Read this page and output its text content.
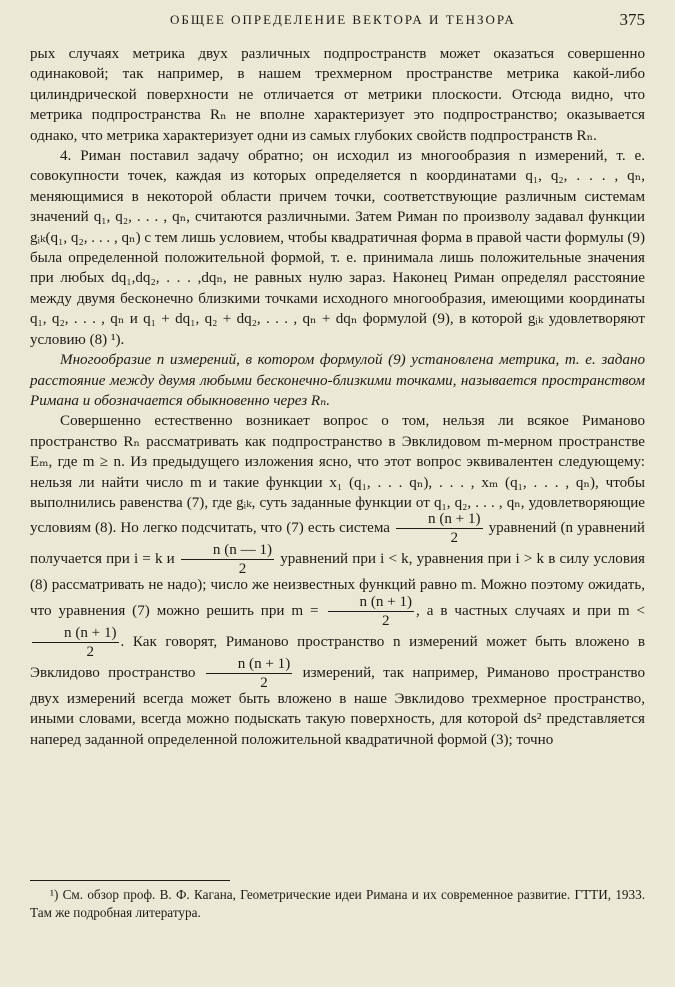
ОБЩЕЕ ОПРЕДЕЛЕНИЕ ВЕКТОРА И ТЕНЗОРА	375

рых случаях метрика двух различных подпространств может оказаться совершенно одинаковой; так например, в нашем трехмерном пространстве метрика какой-либо цилиндрической поверхности не отличается от метрики плоскости. Отсюда видно, что метрика подпространства Rₙ не вполне характеризует это подпространство; оказывается однако, что метрика характеризует одни из самых глубоких свойств подпространств Rₙ.

4. Риман поставил задачу обратно; он исходил из многообразия n измерений, т. е. совокупности точек, каждая из которых определяется n координатами q₁, q₂, . . . , qₙ, меняющимися в некоторой области причем точки, соответствующие различным системам значений q₁, q₂, . . . , qₙ, считаются различными. Затем Риман по произволу задавал функции gᵢₖ(q₁, q₂, . . . , qₙ) с тем лишь условием, чтобы квадратичная форма в правой части формулы (9) была определенной положительной формой, т. е. принимала лишь положительные значения при любых dq₁,dq₂, . . . ,dqₙ, не равных нулю зараз. Наконец Риман определял расстояние между двумя бесконечно близкими точками исходного многообразия, имеющими координаты q₁, q₂, . . . , qₙ и q₁ + dq₁, q₂ + dq₂, . . . , qₙ + dqₙ формулой (9), в которой gᵢₖ удовлетворяют условию (8) ¹).

Многообразие n измерений, в котором формулой (9) установлена метрика, т. е. задано расстояние между двумя любыми бесконечно-близкими точками, называется пространством Римана и обозначается обыкновенно через Rₙ.

Совершенно естественно возникает вопрос о том, нельзя ли всякое Риманово пространство Rₙ рассматривать как подпространство в Эвклидовом m-мерном пространстве Eₘ, где m ≥ n. Из предыдущего изложения ясно, что этот вопрос эквивалентен следующему: нельзя ли найти число m и такие функции x₁ (q₁, . . . qₙ), . . . , xₘ (q₁, . . . , qₙ), чтобы выполнились равенства (7), где gᵢₖ, суть заданные функции от q₁, q₂, . . . , qₙ, удовлетворяющие условиям (8). Но легко подсчитать, что (7) есть система $\frac{n (n + 1)}{2}$ уравнений (n уравнений получается при i = k и $\frac{n (n — 1)}{2}$ уравнений при i < k, уравнения при i > k в силу условия (8) рассматривать не надо); число же неизвестных функций равно m. Можно поэтому ожидать, что уравнения (7) можно решить при $m = \frac{n (n + 1)}{2}$ , а в частных случаях и при m <
$\frac{n (n + 1)}{2}$ . Как говорят, Риманово пространство n измерений может быть вложено в Эвклидово пространство $\frac{n (n + 1)}{2}$ измерений, так например, Риманово пространство двух измерений всегда может быть вложено в наше Эвклидово трехмерное пространство, иными словами, всегда можно подыскать такую поверхность, для которой ds² представляется наперед заданной определенной положительной квадратичной формой (3); точно

¹) См. обзор проф. В. Ф. Кагана, Геометрические идеи Римана и их современное развитие. ГТТИ, 1933. Там же подробная литература.
